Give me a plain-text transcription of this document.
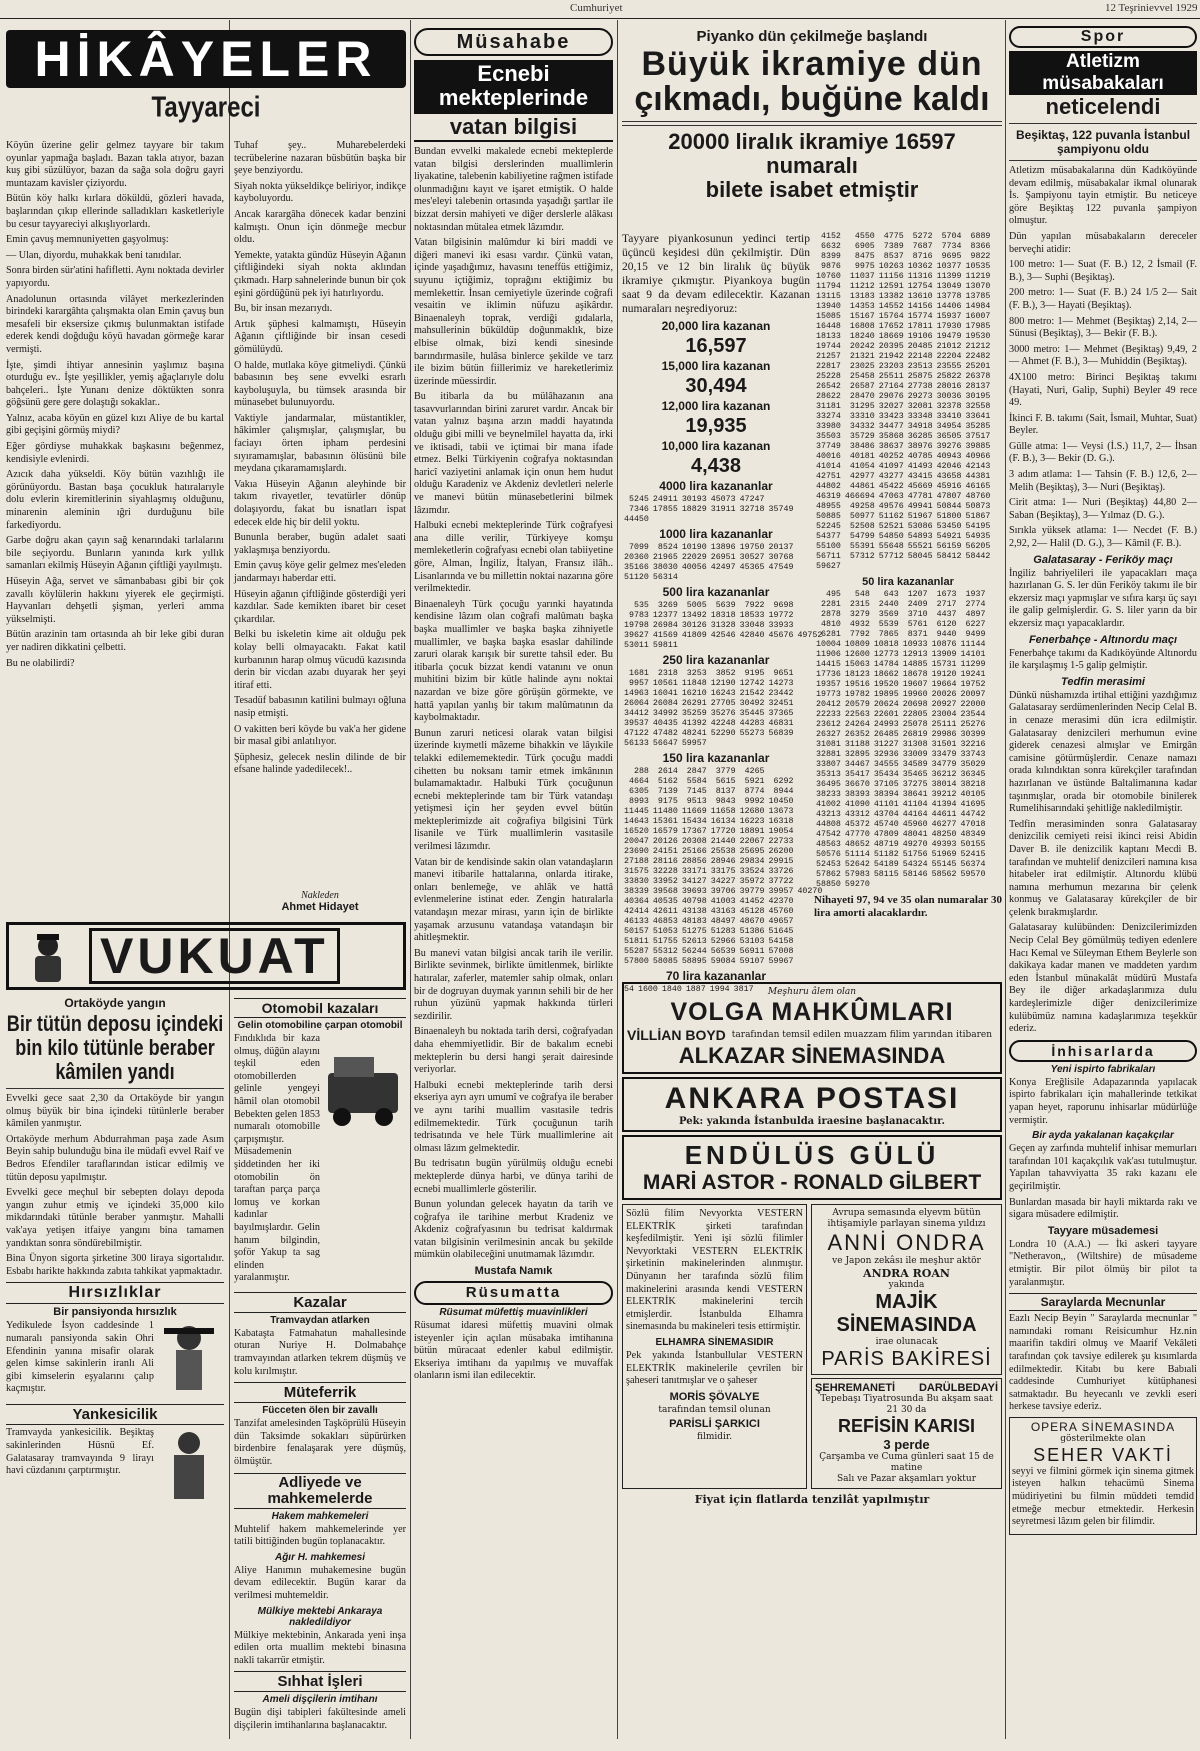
Cumhuriyet	12 Teşrinievvel 1929
HİKÂYELER
Tayyareci

Köyün üzerine gelir gelmez tayyare bir takım oyunlar yapmağa başladı. Bazan takla atıyor, bazan kuş gibi süzülüyor, bazan da sağa sola doğru gayri muntazam kavisler çiziyordu.

Bütün köy halkı kırlara döküldü, gözleri havada, başlarından çıkıp ellerinde salladıkları kasketleriyle bu cesur tayyareciyi alkışlıyorlardı.

Emin çavuş memnuniyetten gaşyolmuş:

— Ulan, diyordu, muhakkak beni tanıdılar.

Sonra birden sür'atini hafifletti. Aynı noktada devirler yapıyordu.

Anadolunun ortasında vilâyet merkezlerinden birindeki karargâhta çalışmakta olan Emin çavuş bun mesafeli bir eksersize çıkmış bulunmaktan istifade ederek kendi doğduğu köyü havadan görmeğe karar vermişti.

İşte, şimdi ihtiyar annesinin yaşlımız başına oturduğu ev.. İşte yeşillikler, yemiş ağaçlarıyle dolu bahçeleri.. İşte Yunanı denize döktükten sonra göğsünü gere gere dolaştığı sokaklar..

Yalnız, acaba köyün en güzel kızı Aliye de bu kartal gibi geçişini görmüş miydi?

Eğer gördiyse muhakkak başkasını beğenmez, kendisiyle evlenirdi.

Azıcık daha yükseldi. Köy bütün vazıhlığı ile görünüyordu. Bastan başa çocukluk hatıralarıyle dolu evlerin kiremitlerinin siyahlaşmış olduğunu, minarenin aleminin ığri durduğunu bile farkediyordu.

Garbe doğru akan çayın sağ kenarındaki tarlalarını bile seçiyordu. Bunların yanında kırk yıllık samanları ekilmiş Hüseyin Ağanın çiftliği yayılmıştı.

Hüseyin Ağa, servet ve sâmanbabası gibi bir çok zavallı köylülerin hakkını yiyerek ele geçirmişti. Hayvanları dehşetli şişman, yerleri amma yükselmişti.

Bütün arazinin tam ortasında ah bir leke gibi duran yer nadiren dikkatini çelbetti.

Bu ne olabilirdi?

Tuhaf şey.. Muharebelerdeki tecrübelerine nazaran büsbütün başka bir şeye benziyordu.

Siyah nokta yükseldikçe beliriyor, indikçe kayboluyordu.

Ancak karargâha dönecek kadar benzini kalmıştı. Onun için dönmeğe mecbur oldu.

Yemekte, yatakta gündüz Hüseyin Ağanın çiftliğindeki siyah nokta aklından çıkmadı. Harp sahnelerinde bunun bir çok eşini gördüğünü pek iyi hatırlıyordu.

Bu, bir insan mezarıydı.

Artık şüphesi kalmamıştı, Hüseyin Ağanın çiftliğinde bir insan cesedi gömülüydü.

O halde, mutlaka köye gitmeliydi. Çünkü babasının beş sene evvelki esrarlı kayboluşuyla, bu tümsek arasında bir münasebet bulunuyordu.

Vaktiyle jandarmalar, müstantikler, hâkimler çalışmışlar, çalışmışlar, bu faciayı örten ipham perdesini sıyıramamışlar, babasının ölüsünü bile meydana çıkaramamışlardı.

Vakıa Hüseyin Ağanın aleyhinde bir takım rivayetler, tevatürler dönüp dolaşıyordu, fakat bu isnatları ispat edecek elde hiç bir delil yoktu.

Bununla beraber, bugün adalet saati yaklaşmışa benziyordu.

Emin çavuş köye gelir gelmez mes'eleden jandarmayı haberdar etti.

Hüseyin ağanın çiftliğinde gösterdiği yeri kazdılar. Sade kemikten ibaret bir ceset çıkardılar.

Belki bu iskeletin kime ait olduğu pek kolay belli olmayacaktı. Fakat katil kurbanının harap olmuş vücudü kazısında derin bir vicdan azabı duyarak her şeyi itiraf etti.

Tesadüf babasının katilini bulmayı oğluna nasip etmişti.

O vakitten beri köyde bu vak'a her gidene bir masal gibi anlatılıyor.

Şüphesiz, gelecek neslin dilinde de bir efsane halinde yadedilecek!..

Nakleden
Ahmet Hidayet
VUKUAT
Ortaköyde yangın
Bir tütün deposu içindeki
bin kilo tütünle beraber
kâmilen yandı

Evvelki gece saat 2,30 da Ortaköyde bir yangın olmuş büyük bir bina içindeki tütünlerle beraber kâmilen yanmıştır.

Ortaköyde merhum Abdurrahman paşa zade Asım Beyin sahip bulunduğu bina ile müdafi evvel Raif ve Bedros Efendiler taraflarından isticar edilmiş ve tütün deposu yapılmıştır.

Evvelki gece meçhul bir sebepten dolayı depoda yangın zuhur etmiş ve içindeki 35,000 kilo mikdarındaki tütünle beraber yanmıştır. Mahalli vak'aya yetişen itfaiye yangını bina tamamen yandıktan sonra söndürebilmiştir.

Bina Ünyon sigorta şirketine 300 liraya sigortalıdır. Esbabı harikte hakkında zabıta tahkikat yapmaktadır.

Hırsızlıklar
Bir pansiyonda hırsızlık

Yedikulede İsyon caddesinde 1 numaralı pansiyonda sakin Ohri Efendinin yanına misafir olarak gelen kimse sakinlerin iranlı Ali gibi kimselerin eşyalarını çalıp kaçmıştır.

Yankesicilik

Tramvayda yankesicilik. Beşiktaş sakinlerinden Hüsnü Ef. Galatasaray tramvayında 9 lirayı havi cüzdanını çarptırmıştır.

Otomobil kazaları
Gelin otomobiline çarpan otomobil

Fındıklıda bir kaza olmuş, düğün alayını teşkil eden otomobillerden gelinle yengeyi hâmil olan otomobil Bebekten gelen 1853 numaralı otomobille çarpışmıştır. Müsademenin şiddetinden her iki otomobilin ön taraftan parça parça lomuş ve korkan kadınlar bayılmışlardır. Gelin hanım bilgindin, şoför Yakup ta sag elinden yaralanmıştır.

Kazalar
Tramvaydan atlarken

Kabataşta Fatmahatun mahallesinde oturan Nuriye H. Dolmabahçe tramvayından atlarken tekrem düşmüş ve kolu kırılmıştır.

Müteferrik
Fücceten ölen bir zavallı

Tanzifat amelesinden Taşköprülü Hüseyin dün Taksimde sokakları süpürürken birdenbire fenalaşarak yere düşmüş, ölmüştür.

Adliyede ve mahkemelerde
Hakem mahkemeleri

Muhtelif hakem mahkemelerinde yer tatili bittiğinden bugün toplanacaktır.

Ağır H. mahkemesi

Aliye Hanımın muhakemesine bugün devam edilecektir. Bugün karar da verilmesi muhtemeldir.

Mülkiye mektebi Ankaraya nakledildiyor

Mülkiye mektebinin, Ankarada yeni inşa edilen orta muallim mektebi binasına nakli takarrür etmiştir.

Sıhhat İşleri
Ameli dişçilerin imtihanı

Bugün dişi tabipleri fakültesinde ameli dişçilerin imtihanlarına başlanacaktır.

Müsahabe
Ecnebi mekteplerinde
vatan bilgisi

Bundan evvelki makalede ecnebi mekteplerde vatan bilgisi derslerinden muallimlerin liyakatine, talebenin kabiliyetine rağmen istifade olunmadığını kayıt ve işaret etmiştik. O halde mes'eleyi talebenin ortasında yaşadığı şartlar ile bizzat dersin mahiyeti ve diğer derslerle alâkası noktasından mütalea etmek lâzımdır.

Vatan bilgisinin malûmdur ki biri maddi ve diğeri manevi iki esası vardır. Çünkü vatan, içinde yaşadığımız, havasını teneffüs ettiğimiz, suyunu içtiğimiz, toprağını ektiğimiz bu memlekettir. İnsan cemiyetiyle üzerinde coğrafi vesaitin ve iklimin nüfuzu aşikârdır. Binaenaleyh toprak, verdiği gıdalarla, mahsullerinin büküldüp doğunmaklık, bize elbise olmak, bizi kendi sinesinde barındırmasile, hulâsa binlerce şekilde ve tarz ile bizim bütün fiillerimiz ve hareketlerimiz üzerinde müessirdir.

Bu itibarla da bu mülâhazanın ana tasavvurlarından birini zaruret vardır. Ancak bir vatan yalnız başına arzın maddi hayatında olduğu gibi milli ve beynelmilel hayatta da, irki ve iktisadi, tabii ve içtimai bir mana ifade etmez. Belki Türkiyenin coğrafya noktasından haricî vaziyetini anlamak için onun hem hudut olduğu Karadeniz ve Akdeniz devletleri nelerle ve manevi bütün münasebetlerini bilmek lâzımdır.

Halbuki ecnebi mekteplerinde Türk coğrafyesi ana dille verilir, Türkiyeye komşu memleketlerin coğrafyası ecnebi olan tabiiyetine göre, Alman, İngiliz, İtalyan, Fransız ilâh.. Lisanlarında ve bu millettin noktai nazarına göre verilmektedir.

Binaenaleyh Türk çocuğu yarınki hayatında kendisine lâzım olan coğrafi malûmatı başka başka muallimler ve başka başka zihniyetle muallimler, ve başka başka esaslar dahilinde zaruri olarak karışık bir surette tahsil eder. Bu itibarla çocuk bizzat kendi vatanını ve onun muhitini bizim bir kütle halinde aynı noktai nazardan ve bize göre görüşün görmekte, ve hattâ yapılan yanlış bir takım malûmatının da kaybolmaktadır.

Bunun zaruri neticesi olarak vatan bilgisi üzerinde kıymetli mâzeme bihakkin ve lâyıkile telakki edilememektedir. Türk çocuğu maddi cihetten bu noksanı tamir etmek imkânının bulamamaktadır. Halbuki Türk çocuğunun ecnebi mekteplerinde tam bir Türk vatandaşı yetişmesi için her şeyden evvel bütün mekteplerimizde ait coğrafiya bilgisini Türk lisanile ve Türk muallimlerin vasıtasile verilmesi lâzımdır.

Vatan bir de kendisinde sakin olan vatandaşların manevi itibarile hattalarına, onlarda itirake, onları benlemeğe, ve ahlâk ve hattâ evlenmelerine istinat eder. Zengin hatıralarla vatandaşın mezar mirası, yarın için de birlikte yaşamak arzusunu vatandaşa vatandaşın bir ahitleşmektir.

Bu manevi vatan bilgisi ancak tarih ile verilir. Birlikte sevinmek, birlikte ümitlenmek, birlikte hatıralar, zaferler, matemler sahip olmak, onları bir de dogruyan duymak yarının sehili bir de her ruhun yüzünü yapmak hakkında türleri sezdirilir.

Binaenaleyh bu noktada tarih dersi, coğrafyadan daha ehemmiyetlidir. Bir de bakalım ecnebi mekteplerin bu dersi hangi şerait dairesinde veriyorlar.

Halbuki ecnebi mekteplerinde tarih dersi ekseriya ayrı ayrı umumî ve coğrafya ile beraber ve aynı tarihi muallim vasıtasile tedris edilmemektedir. Türk çocuğunun tarih tedrisatında ve hele Türk muallimlerine ait olması lâzım gelmektedir.

Bu tedrisatın bugün yürülmüş olduğu ecnebi mekteplerde dünya harbi, ve dünya tarihi de ecnebi muallimlerle gösterilir.

Bunun yolundan gelecek hayatın da tarih ve coğrafya ile tarihine merbut Kradeniz ve Akdeniz coğrafyasının bu tedrisat kaldırmak vatan bilgisinin verilmesinin ancak bu şekilde mümkün olabileceğini unutmamak lâzımdır.

Mustafa Namık
Rüsumatta
Rüsumat müfettiş muavinlikleri

Rüsumat idaresi müfettiş muavini olmak isteyenler için açılan müsabaka imtihanına bütün müracaat edenler kabul edilmiştir. Ekseriya imtihanı da yapılmış ve muvaffak olanların ismi ilan edilecektir.

Piyanko dün çekilmeğe başlandı
Büyük ikramiye dün
çıkmadı, buğüne kaldı
20000 liralık ikramiye 16597 numaralı
bilete isabet etmiştir

Tayyare piyankosunun yedinci tertip üçüncü keşidesi dün çekilmiştir. Dün 20,15 ve 12 bin liralık üç büyük ikramiye çıkmıştır. Piyankoya bugün saat 9 da devam edilecektir. Kazanan numaraları neşrediyoruz:

20,000 lira kazanan
16,597
15,000 lira kazanan
30,494
12,000 lira kazanan
19,935
10,000 lira kazanan
4,438
4000 lira kazananlar
5245	24911	30193	45073	47247	
7346	17855	18829	31911	32718	35749
44450					
1000 lira kazananlar
7099	8524	10190	13896	19750	20137
20360	21965	22029	26951	30527	30768
35166	38030	40056	42497	45365	47549
51120	56314				
500 lira kazananlar
535	3269	5005	5639	7922	9698	
9783	12377	13492	18318	18533	19772	
19798	26984	30126	31328	33048	33933	
39627	41569	41809	42546	42840	45676	49752
53011	59811					
250 lira kazananlar
1681	2318	3253	3852	9195	9651
9957	10561	11848	12190	12742	14273
14963	16041	16210	16243	21542	23442
26064	26084	26291	27705	30492	32451
34412	34992	35259	35276	35445	37365
39537	40435	41392	42248	44283	46831
47122	47482	48241	52290	55273	56839
56133	56647	59957			
150 lira kazananlar
288	2614	2847	3779	4265		
4664	5162	5584	5615	5921	6292	
6305	7139	7145	8137	8774	8944	
8993	9175	9513	9843	9992	10450	
11445	11480	11669	11658	12680	13673	
14643	15361	15434	16134	16223	16318	
16520	16579	17367	17720	18891	19054	
20047	20126	20308	21440	22067	22733	
23690	24151	25166	25538	25695	26200	
27188	28116	28856	28946	29834	29915	
31575	32228	33171	33175	33524	33726	
33830	33952	34127	34227	35972	37722	
38339	39568	39693	39706	39779	39957	40270
40364	40535	40798	41003	41452	42370	
42414	42611	43138	43163	45128	45760	
46133	46853	48183	48497	48670	49657	
50157	51053	51275	51283	51386	51645	
51811	51755	52613	52966	53103	54158	
55287	55312	56244	56539	56911	57008	
57800	58085	58895	59084	59107	59967	
70 lira kazananlar
54	1600	1840	1887	1994	3817
4152	4550	4775	5272	5704	6889
6632	6905	7389	7687	7734	8366
8399	8475	8537	8716	9695	9822
9876	9975	10263	10362	10377	10535
10760	11037	11156	11316	11399	11219
11794	11212	12591	12754	13049	13070
13115	13183	13382	13610	13778	13785
13940	14353	14552	14156	14406	14984
15085	15167	15764	15774	15937	16007
16448	16808	17652	17811	17930	17985
18133	18240	18669	19106	19479	19530
19744	20242	20395	20485	21012	21212
21257	21321	21942	22148	22204	22482
22817	23025	23203	23513	23555	25201
25228	25458	25511	25875	25822	26378
26542	26587	27164	27738	28016	28137
28622	28470	29076	29273	30036	30195
31181	31295	32027	32081	32378	32558
33274	33310	33423	33348	33410	33641
33980	34332	34477	34918	34954	35285
35503	35729	35868	36285	36505	37517
37749	38486	38637	38976	39276	39885
40016	40181	40252	40785	40943	40966
41014	41054	41097	41493	42046	42143
42751	42977	43277	43415	43658	44381
44802	44861	45422	45669	45916	46165
46319	466694	47063	47781	47807	48760
48955	49258	49576	49941	50844	50873
50885	50977	51162	51967	51800	51867
52245	52508	52521	53086	53450	54195
54377	54799	54850	54893	54921	54935
55100	55391	55648	55521	56159	56205
56711	57312	57712	58045	58412	58442
59627					
50 lira kazananlar
495	548	643	1207	1673	1937
2281	2315	2440	2409	2717	2774
2878	3279	3569	3710	4437	4897
4810	4932	5539	5761	6120	6227
6281	7792	7865	8371	9440	9499
10004	10809	10818	10933	10876	11144
11906	12600	12773	12913	13909	14101
14415	15063	14784	14885	15731	11299
17736	18123	18662	18678	19120	19241
19357	19516	19520	19607	19664	19752
19773	19782	19895	19960	20026	20097
20412	20579	20624	20698	20927	22000
22233	22563	22601	22805	23004	23544
23612	24264	24993	25078	25111	25276
26327	26352	26485	26819	29986	30399
31081	31188	31227	31308	31501	32216
32881	32895	32936	33009	33479	33743
33807	34467	34555	34589	34779	35029
35313	35417	35434	35465	36212	36345
36495	36670	37105	37275	38014	38218
38233	38393	38394	38641	39212	40105
41002	41090	41101	41104	41394	41695
43213	43312	43704	44164	44611	44742
44808	45372	45740	45960	46277	47018
47542	47770	47809	48041	48250	48349
48563	48652	48719	49270	49393	50155
50576	51114	51182	51756	51969	52415
52453	52642	54189	54324	55145	56374
57862	57983	58115	58146	58562	59570
58850	59270				

Nihayeti 97, 94 ve 35 olan numaralar 30 lira amorti alacaklardır.

Meşhuru âlem olan
VOLGA MAHKÛMLARI
VİLLİAN BOYD tarafından temsil edilen muazzam filim yarından itibaren
ALKAZAR SİNEMASINDA
ANKARA POSTASI
Pek: yakında İstanbulda iraesine başlanacaktır.
ENDÜLÜS GÜLÜ
MARİ ASTOR - RONALD GİLBERT

Sözlü filim Nevyorkta VESTERN ELEKTRİK şirketi tarafından keşfedilmiştir. Yeni işi sözlü filimler Nevyorktaki VESTERN ELEKTRİK şirketinin makinelerinden alınmıştır. Dünyanın her tarafında sözlü filim makinelerini arasında kendi VESTERN ELEKTRİK makinelerini tercih etmişlerdir. İstanbulda Elhamra sinemasında bu makineleri tesis ettirmiştir.

ELHAMRA SİNEMASIDIR

Pek yakında İstanbullular VESTERN ELEKTRİK makinelerile çevrilen bir şaheseri tanıtmışlar ve o şaheser

MORİS ŞÖVALYE
tarafından temsil olunan
PARİSLİ ŞARKICI
filmidir.
Avrupa semasında elyevm bütün ihtişamiyle parlayan sinema yıldızı
ANNİ ONDRA
ve Japon zekâsı ile meşhur aktör
ANDRA ROAN
yakında
MAJİK SİNEMASINDA
irae olunacak
PARİS BAKİRESİ
ŞEHREMANETİ DARÜLBEDAYİ
Tepebaşı Tiyatrosunda Bu akşam saat 21 30 da
REFİSİN KARISI
3 perde
Çarşamba ve Cuma günleri saat 15 de matine
Salı ve Pazar akşamları yoktur
Fiyat için flatlarda tenzilât yapılmıştır
Spor
Atletizm müsabakaları
neticelendi
Beşiktaş, 122 puvanla İstanbul
şampiyonu oldu

Atletizm müsabakalarına dün Kadıköyünde devam edilmiş, müsabakalar ikmal olunarak İs. Şampiyonu tayin etmiştir. Bu neticeye göre Beşiktaş 122 puvanla şampiyon olmuştur.

Dün yapılan müsabakaların dereceler berveçhi atidir:

100 metro: 1— Suat (F. B.) 12, 2 İsmail (F. B.), 3— Suphi (Beşiktaş).

200 metro: 1— Suat (F. B.) 24 1/5 2— Sait (F. B.), 3— Hayati (Beşiktaş).

800 metro: 1— Mehmet (Beşiktaş) 2,14, 2— Sünusi (Beşiktaş), 3— Bekir (F. B.).

3000 metro: 1— Mehmet (Beşiktaş) 9,49, 2— Ahmet (F. B.), 3— Muhiddin (Beşiktaş).

4X100 metro: Birinci Beşiktaş takımı (Hayati, Nuri, Galip, Suphi) Beyler 49 rece 49.

İkinci F. B. takımı (Sait, İsmail, Muhtar, Suat) Beyler.

Gülle atma: 1— Veysi (İ.S.) 11,7, 2— İhsan (F. B.), 3— Bekir (D. G.).

3 adım atlama: 1— Tahsin (F. B.) 12,6, 2— Melih (Beşiktaş), 3— Nuri (Beşiktaş).

Cirit atma: 1— Nuri (Beşiktaş) 44,80 2— Saban (Beşiktaş), 3— Yılmaz (D. G.).

Sırıkla yüksek atlama: 1— Necdet (F. B.) 2,92, 2— Halil (D. G.), 3— Kâmil (F. B.).

Galatasaray - Feriköy maçı

İngiliz bahriyelileri ile yapacakları maça hazırlanan G. S. ler dün Feriköy takımı ile bir ekzersiz maçı yapmışlar ve sıfıra karşı üç sayı ile galip gelmişlerdir. G. S. liler yarın da bir ekzersiz maçı yapacaklardır.

Fenerbahçe - Altınordu maçı

Fenerbahçe takımı da Kadıköyünde Altınordu ile karşılaşmış 1-5 galip gelmiştir.

Tedfin merasimi

Dünkü nüshamızda irtihal ettiğini yazdığımız Galatasaray serdümenlerinden Necip Celal B. in cenaze merasimi dün icra edilmiştir. Galatasaray denizcileri merhumun evine giderek cenazesi almışlar ve Emirgân camisine götürmüşlerdir. Cenaze namazı orada kılındıktan sonra kürekçiler tarafından hazırlanan ve üstünde Baltalimanına kadar taşınmışlar, orada bir otomobile binilerek Rumelihisarındaki şehitliğe nakledilmiştir.

Tedfin merasiminden sonra Galatasaray denizcilik cemiyeti reisi ikinci reisi Abidin Daver B. ile denizcilik kaptanı Mecdi B. tarafından ve muhtelif denizcileri namına kısa hitabeler irat edilmiştir. Altınordu klübü namına merhumun mezarına bir çelenk konmuş ve Galatasaray kürekçiler de bir çelenk bırakmışlardır.

Galatasaray kulübünden: Denizcilerimizden Necip Celal Bey gömülmüş tediyen edenlere Hacı Kemal ve Süleyman Ethem Beylerle son dakikaya kadar manen ve maddeten yardım eden İstanbul münakalât müdürü Mustafa Bey ile diğer arkadaşlarımıza dulu kardeşlerimizle diğer denizcilerimize kulübümüz namına kadaşlarımıza teşekkür ederiz.

İnhisarlarda
Yeni ispirto fabrikaları

Konya Ereğlisile Adapazarında yapılacak ispirto fabrikaları için mahallerinde tetkikat yapan heyet, raporunu inhisarlar müdürlüğe vermiştir.

Bir ayda yakalanan kaçakçılar

Geçen ay zarfında muhtelif inhisar memurları tarafından 101 kaçakçılık vak'ası tutulmuştur. Yapılan tahavviyatta 35 rakı kazanı ele geçirilmiştir.

Bunlardan masada bir hayli miktarda rakı ve sigara müsadere edilmiştir.

Tayyare müsademesi

Londra 10 (A.A.) — İki askeri tayyare "Netheravon,, (Wiltshire) de müsademe etmiştir. Bir pilot ölmüş bir pilot ta yaralanmıştır.

Saraylarda Mecnunlar

Eazlı Necip Beyin " Saraylarda mecnunlar " namındaki romanı Reisicumhur Hz.nin maarifin takdiri olmuş ve Maarif Vekâleti tarafından çok tavsiye edilerek şu kısımlarda edilmektedir. Kitabı bu kere Babıali caddesinde Cumhuriyet kütüphanesi satmaktadır. Bu heyecanlı ve zevkli eseri herkese tavsiye ederiz.

OPERA SİNEMASINDA
gösterilmekte olan
SEHER VAKTİ

seyyi ve filmini görmek için sinema gitmek isteyen halkın tehacümü Sinema müdiriyetini bu filmin müddeti temdid etmeğe mecbur etmektedir. Herkesin seyretmesi lâzım gelen bir filimdir.
